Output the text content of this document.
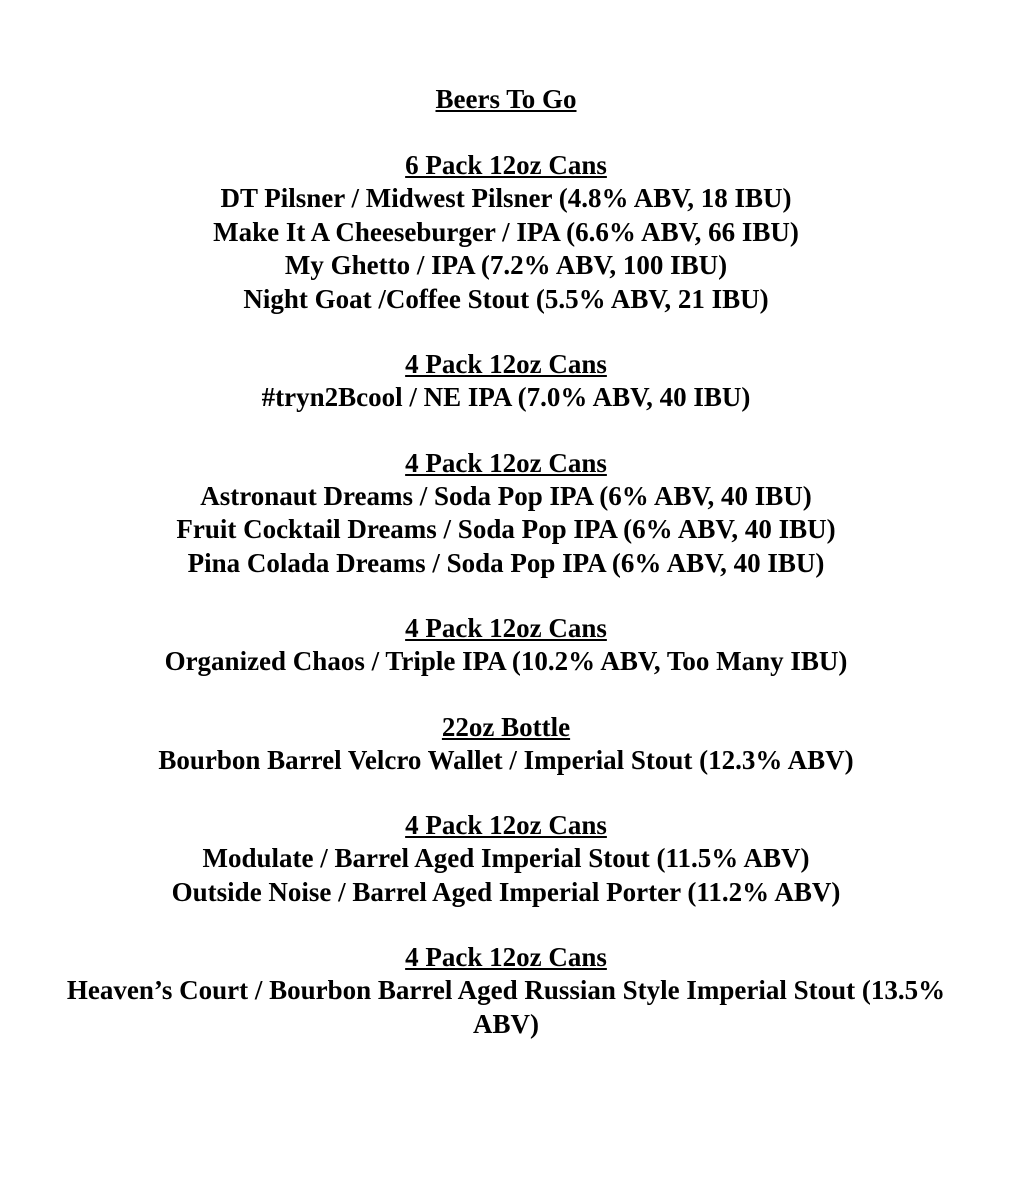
Beers To Go
6 Pack 12oz Cans
DT Pilsner / Midwest Pilsner (4.8% ABV, 18 IBU)
Make It A Cheeseburger / IPA (6.6% ABV, 66 IBU)
My Ghetto / IPA (7.2% ABV, 100 IBU)
Night Goat /Coffee Stout (5.5% ABV, 21 IBU)
4 Pack 12oz Cans
#tryn2Bcool / NE IPA (7.0% ABV, 40 IBU)
4 Pack 12oz Cans
Astronaut Dreams / Soda Pop IPA (6% ABV, 40 IBU)
Fruit Cocktail Dreams / Soda Pop IPA (6% ABV, 40 IBU)
Pina Colada Dreams / Soda Pop IPA (6% ABV, 40 IBU)
4 Pack 12oz Cans
Organized Chaos / Triple IPA (10.2% ABV, Too Many IBU)
22oz Bottle
Bourbon Barrel Velcro Wallet / Imperial Stout (12.3% ABV)
4 Pack 12oz Cans
Modulate / Barrel Aged Imperial Stout (11.5% ABV)
Outside Noise / Barrel Aged Imperial Porter (11.2% ABV)
4 Pack 12oz Cans
Heaven’s Court / Bourbon Barrel Aged Russian Style Imperial Stout (13.5% ABV)
